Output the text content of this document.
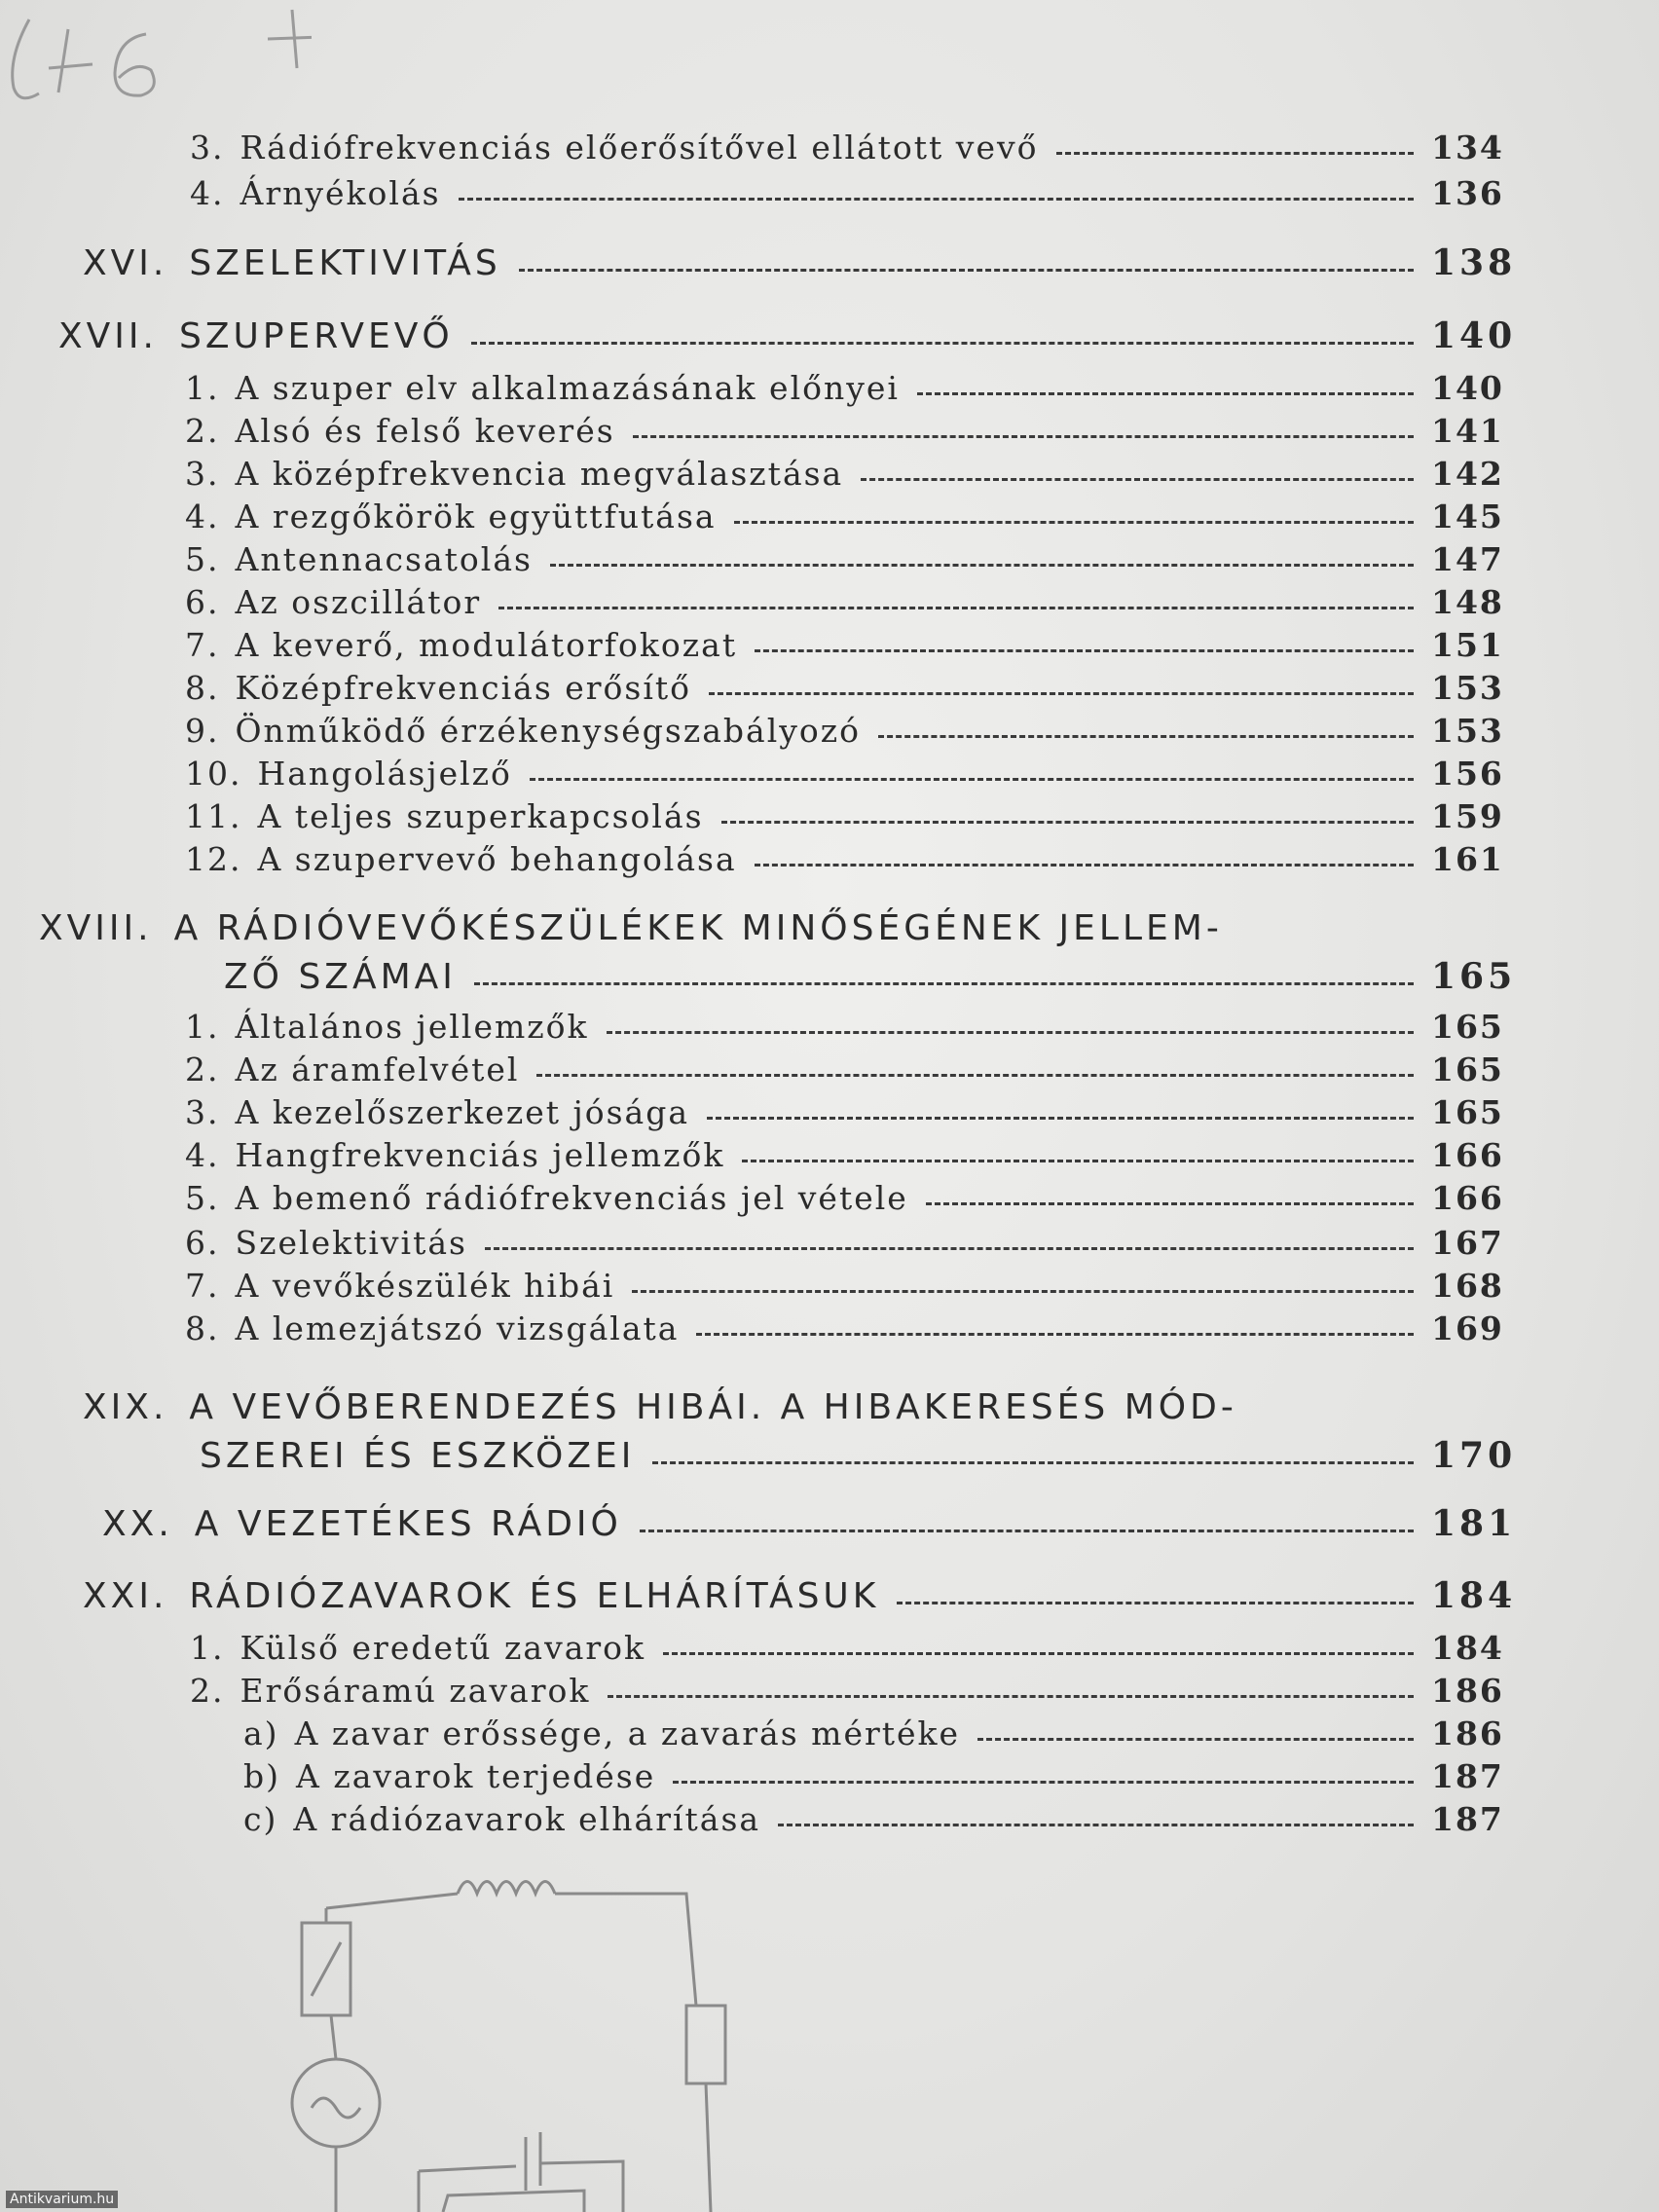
3. Rádiófrekvenciás előerősítővel ellátott vevő	134
4. Árnyékolás	136
XVI. SZELEKTIVITÁS	138
XVII. SZUPERVEVŐ	140
1. A szuper elv alkalmazásának előnyei	140
2. Alsó és felső keverés	141
3. A középfrekvencia megválasztása	142
4. A rezgőkörök együttfutása	145
5. Antennacsatolás	147
6. Az oszcillátor	148
7. A keverő, modulátorfokozat	151
8. Középfrekvenciás erősítő	153
9. Önműködő érzékenységszabályozó	153
10. Hangolásjelző	156
11. A teljes szuperkapcsolás	159
12. A szupervevő behangolása	161
XVIII. A RÁDIÓVEVŐKÉSZÜLÉKEK MINŐSÉGÉNEK JELLEM-
ZŐ SZÁMAI	165
1. Általános jellemzők	165
2. Az áramfelvétel	165
3. A kezelőszerkezet jósága	165
4. Hangfrekvenciás jellemzők	166
5. A bemenő rádiófrekvenciás jel vétele	166
6. Szelektivitás	167
7. A vevőkészülék hibái	168
8. A lemezjátszó vizsgálata	169
XIX. A VEVŐBERENDEZÉS HIBÁI. A HIBAKERESÉS MÓD-
SZEREI ÉS ESZKÖZEI	170
XX. A VEZETÉKES RÁDIÓ	181
XXI. RÁDIÓZAVAROK ÉS ELHÁRÍTÁSUK	184
1. Külső eredetű zavarok	184
2. Erősáramú zavarok	186
a) A zavar erőssége, a zavarás mértéke	186
b) A zavarok terjedése	187
c) A rádiózavarok elhárítása	187
Antikvarium.hu
